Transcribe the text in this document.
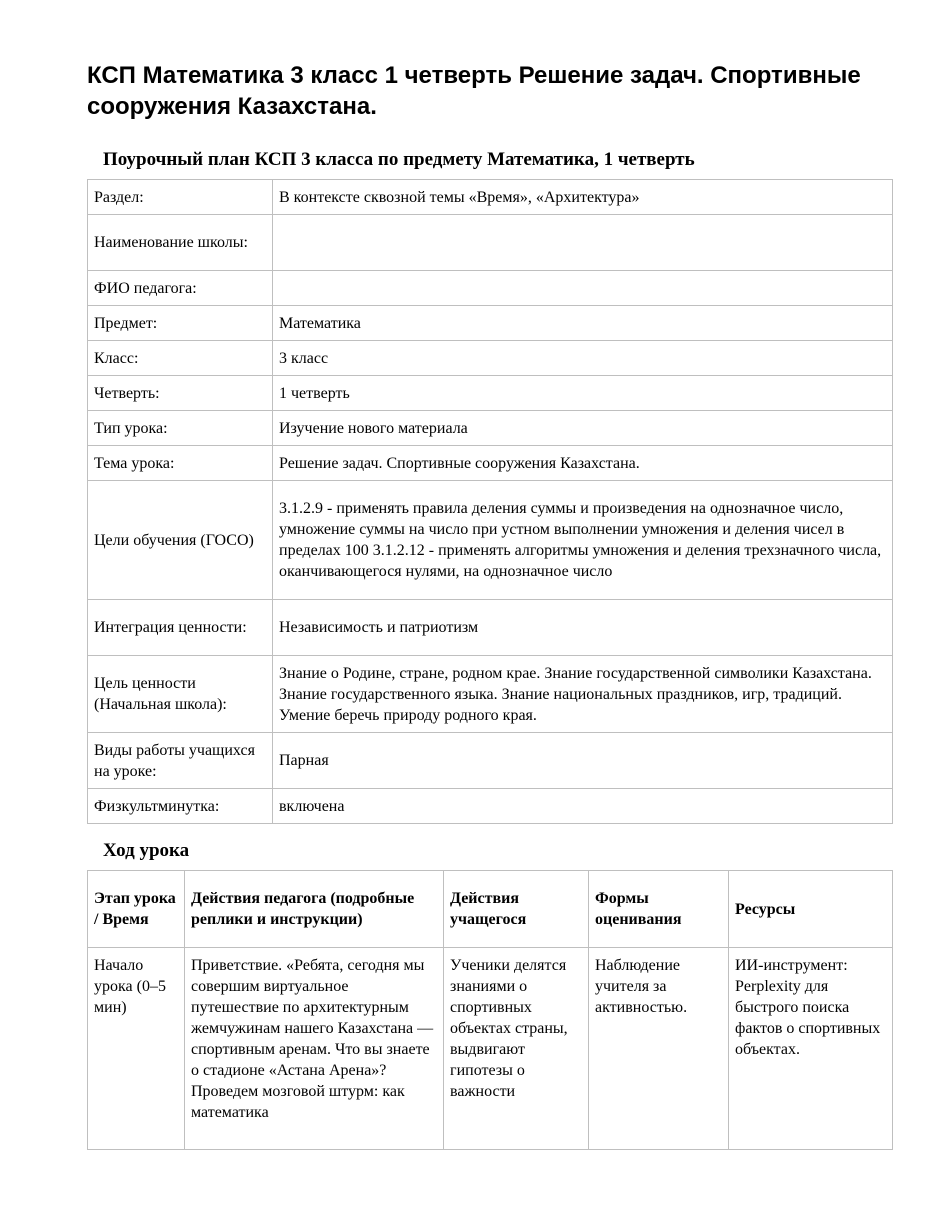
КСП Математика 3 класс 1 четверть Решение задач. Спортивные сооружения Казахстана.
Поурочный план КСП 3 класса по предмету Математика, 1 четверть
Раздел:	В контексте сквозной темы «Время», «Архитектура»
Наименование школы:	
ФИО педагога:	
Предмет:	Математика
Класс:	3 класс
Четверть:	1 четверть
Тип урока:	Изучение нового материала
Тема урока:	Решение задач. Спортивные сооружения Казахстана.
Цели обучения (ГОСО)	3.1.2.9 - применять правила деления суммы и произведения на однозначное число, умножение суммы на число при устном выполнении умножения и деления чисел в пределах 100 3.1.2.12 - применять алгоритмы умножения и деления трехзначного числа, оканчивающегося нулями, на однозначное число
Интеграция ценности:	Независимость и патриотизм
Цель ценности (Начальная школа):	Знание о Родине, стране, родном крае. Знание государственной символики Казахстана. Знание государственного языка. Знание национальных праздников, игр, традиций. Умение беречь природу родного края.
Виды работы учащихся на уроке:	Парная
Физкультминутка:	включена
Ход урока
Этап урока / Время	Действия педагога (подробные реплики и инструкции)	Действия учащегося	Формы оценивания	Ресурсы
Начало урока (0–5 мин)	Приветствие. «Ребята, сегодня мы совершим виртуальное путешествие по архитектурным жемчужинам нашего Казахстана — спортивным аренам. Что вы знаете о стадионе «Астана Арена»? Проведем мозговой штурм: как математика	Ученики делятся знаниями о спортивных объектах страны, выдвигают гипотезы о важности	Наблюдение учителя за активностью.	ИИ-инструмент: Perplexity для быстрого поиска фактов о спортивных объектах.
